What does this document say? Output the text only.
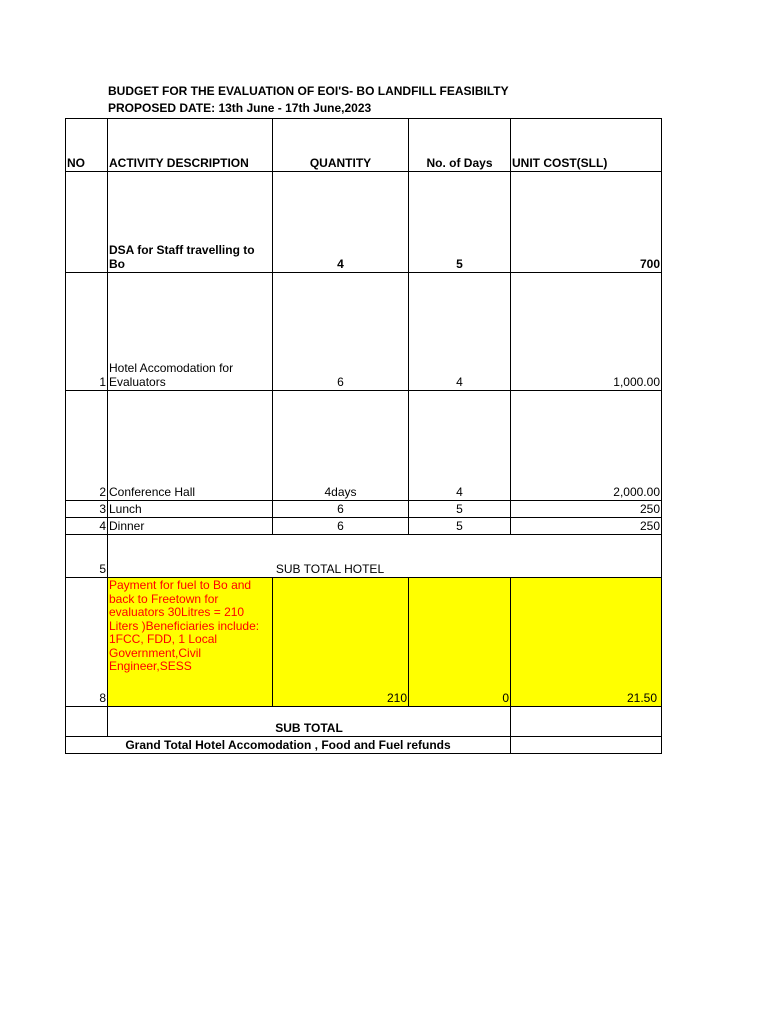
BUDGET FOR THE EVALUATION OF EOI'S- BO LANDFILL FEASIBILTY
PROPOSED DATE: 13th June - 17th June,2023
NO	ACTIVITY DESCRIPTION	QUANTITY	No. of Days	UNIT COST(SLL)
	DSA for Staff travelling to Bo	4	5	700
1	Hotel Accomodation for Evaluators	6	4	1,000.00
2	Conference Hall	4days	4	2,000.00
3	Lunch	6	5	250
4	Dinner	6	5	250
5	SUB TOTAL HOTEL			
8	Payment for fuel to Bo and back to Freetown for evaluators 30Litres = 210 Liters )Beneficiaries include: 1FCC, FDD, 1 Local Government,Civil Engineer,SESS	210	0	21.50
	SUB TOTAL			
Grand Total Hotel Accomodation , Food and Fuel refunds				
